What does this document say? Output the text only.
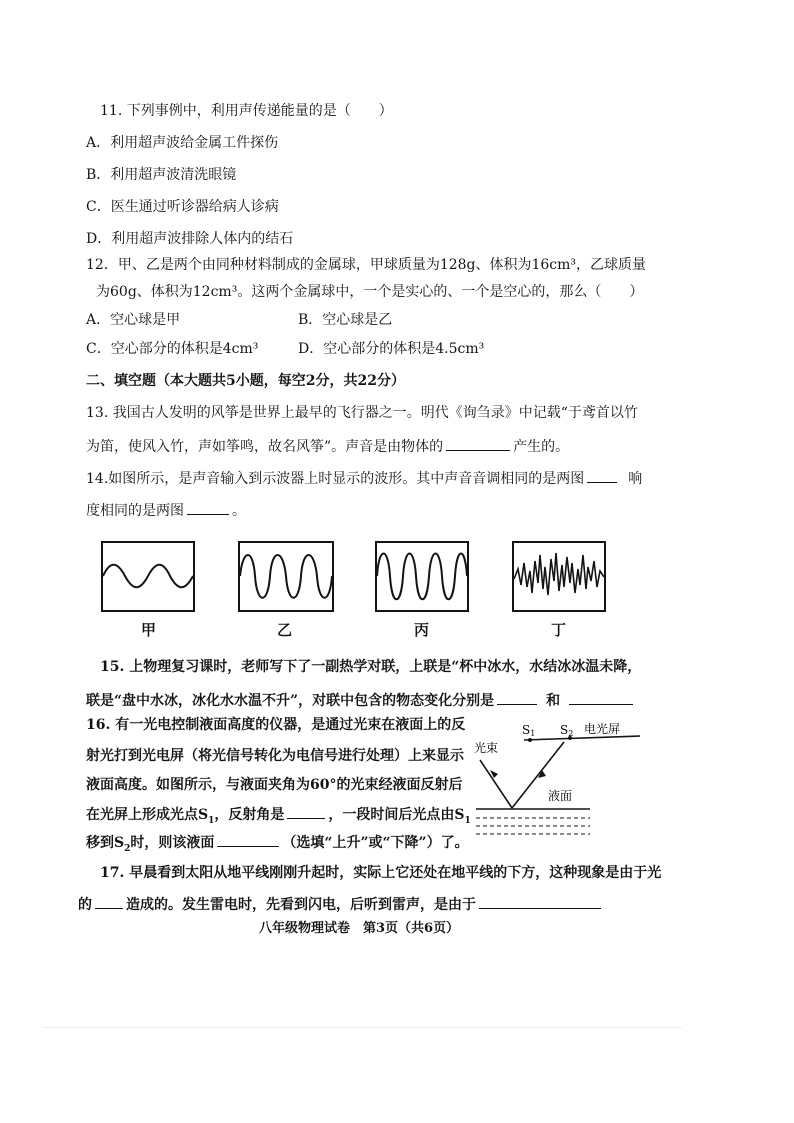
11. 下列事例中，利用声传递能量的是（　　）
A．利用超声波给金属工件探伤
B．利用超声波清洗眼镜
C．医生通过听诊器给病人诊病
D．利用超声波排除人体内的结石
12．甲、乙是两个由同种材料制成的金属球，甲球质量为128g、体积为16cm³，乙球质量
为60g、体积为12cm³。这两个金属球中，一个是实心的、一个是空心的，那么（　　）
A．空心球是甲	B．空心球是乙
C．空心部分的体积是4cm³	D．空心部分的体积是4.5cm³
二、填空题（本大题共5小题，每空2分，共22分）
13. 我国古人发明的风筝是世界上最早的飞行器之一。明代《询刍录》中记载“于鸢首以竹
为笛，使风入竹，声如筝鸣，故名风筝”。声音是由物体的	产生的。
14.如图所示，是声音输入到示波器上时显示的波形。其中声音音调相同的是两图	响
度相同的是两图	。
甲	乙	丙	丁
15. 上物理复习课时，老师写下了一副热学对联，上联是“杯中冰水，水结冰冰温未降，
联是“盘中水冰，冰化水水温不升”，对联中包含的物态变化分别是	和
16. 有一光电控制液面高度的仪器，是通过光束在液面上的反
射光打到光电屏（将光信号转化为电信号进行处理）上来显示
液面高度。如图所示，与液面夹角为60°的光束经液面反射后
在光屏上形成光点$S_1$，反射角是	，一段时间后光点由$S_1$
移到$S_2$时，则该液面	（选填“上升”或“下降”）了。
S1 S2 电光屏
光束
液面
17. 早晨看到太阳从地平线刚刚升起时，实际上它还处在地平线的下方，这种现象是由于光
的 造成的。发生雷电时，先看到闪电，后听到雷声，是由于
八年级物理试卷　第3页（共6页）
